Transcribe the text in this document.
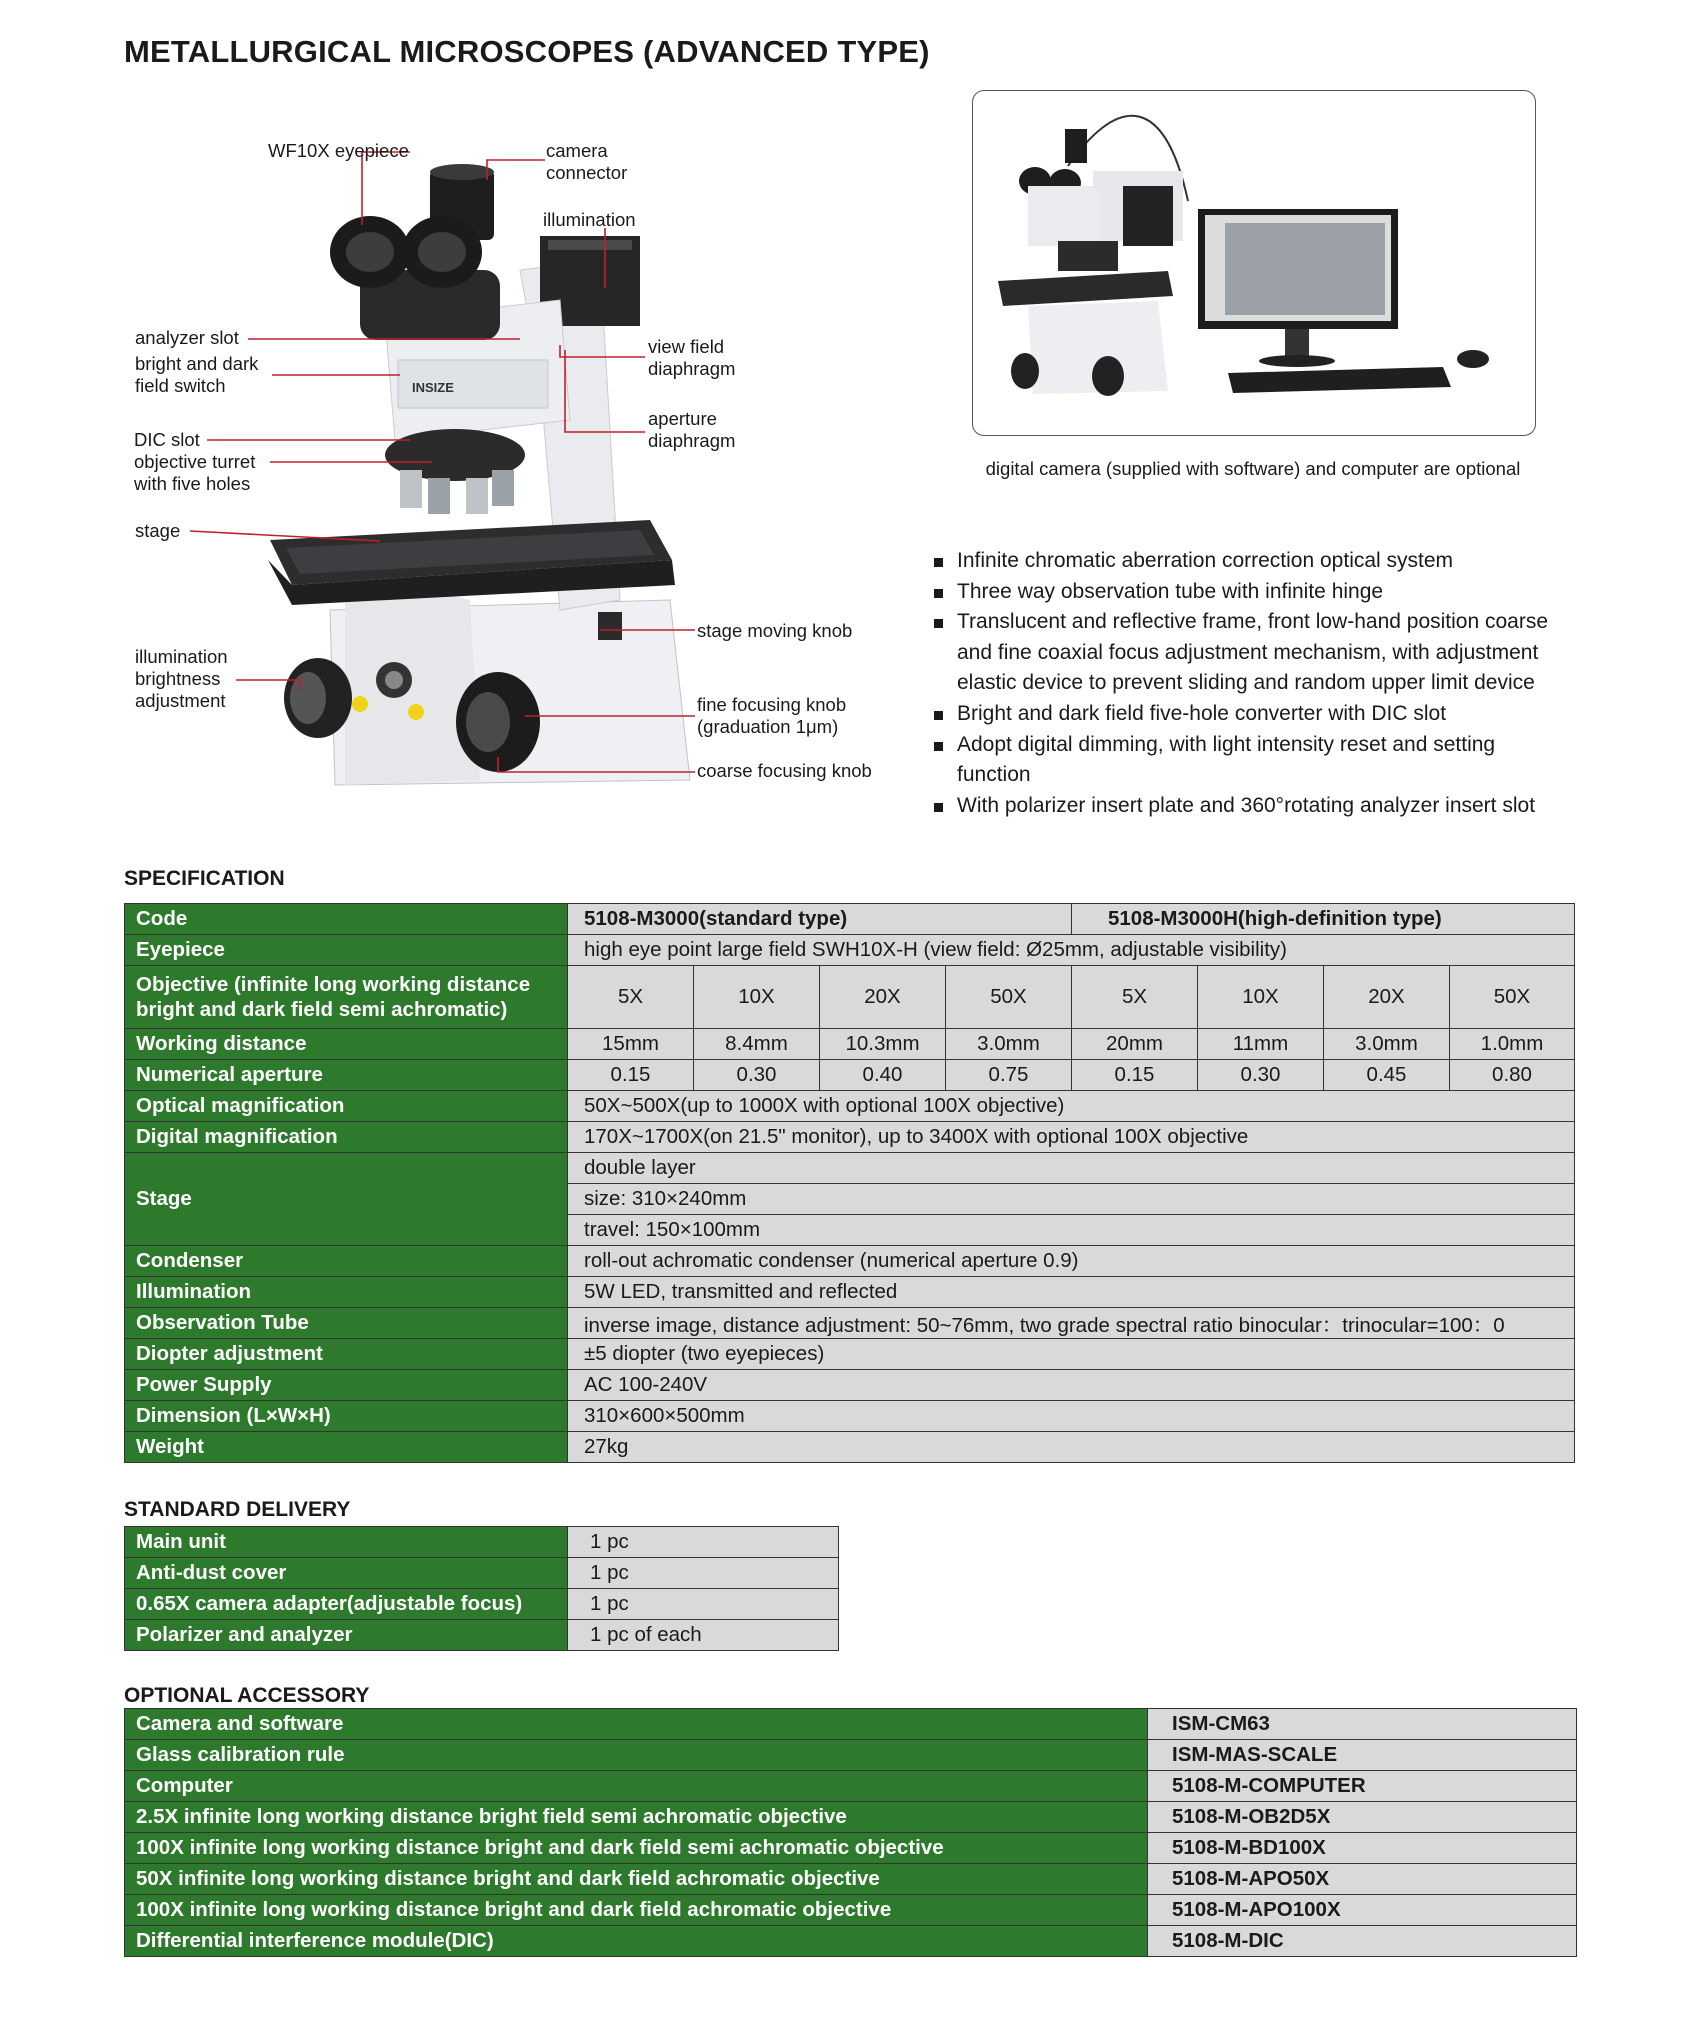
METALLURGICAL MICROSCOPES (ADVANCED TYPE)
INSIZE
WF10X eyepiece	camera
connector
illumination
analyzer slot
bright and dark
field switch
view field
diaphragm
aperture
diaphragm
DIC slot
objective turret
with five holes
stage
stage moving knob
illumination
brightness
adjustment	fine focusing knob
(graduation 1μm)
coarse focusing knob
digital camera (supplied with software) and computer are optional
Infinite chromatic aberration correction optical system
Three way observation tube with infinite hinge
Translucent and reflective frame, front low-hand position coarse and fine coaxial focus adjustment mechanism, with adjustment elastic device to prevent sliding and random upper limit device
Bright and dark field five-hole converter with DIC slot
Adopt digital dimming, with light intensity reset and setting function
With polarizer insert plate and 360°rotating analyzer insert slot
SPECIFICATION
Code	5108-M3000(standard type)				5108-M3000H(high-definition type)			
Eyepiece	high eye point large field SWH10X-H (view field: Ø25mm, adjustable visibility)							
Objective (infinite long working distance bright and dark field semi achromatic)	5X	10X	20X	50X	5X	10X	20X	50X
Working distance	15mm	8.4mm	10.3mm	3.0mm	20mm	11mm	3.0mm	1.0mm
Numerical aperture	0.15	0.30	0.40	0.75	0.15	0.30	0.45	0.80
Optical magnification	50X~500X(up to 1000X with optional 100X objective)							
Digital magnification	170X~1700X(on 21.5" monitor), up to 3400X with optional 100X objective							
Stage	double layer							
	size: 310×240mm							
	travel: 150×100mm							
Condenser	roll-out achromatic condenser (numerical aperture 0.9)							
Illumination	5W LED, transmitted and reflected							
Observation Tube	inverse image, distance adjustment: 50~76mm, two grade spectral ratio binocular：trinocular=100：0							
Diopter adjustment	±5 diopter (two eyepieces)							
Power Supply	AC 100-240V							
Dimension (L×W×H)	310×600×500mm							
Weight	27kg							
STANDARD DELIVERY
Main unit	1 pc
Anti-dust cover	1 pc
0.65X camera adapter(adjustable focus)	1 pc
Polarizer and analyzer	1 pc of each
OPTIONAL ACCESSORY
Camera and software	ISM-CM63
Glass calibration rule	ISM-MAS-SCALE
Computer	5108-M-COMPUTER
2.5X infinite long working distance bright field semi achromatic objective	5108-M-OB2D5X
100X infinite long working distance bright and dark field semi achromatic objective	5108-M-BD100X
50X infinite long working distance bright and dark field achromatic objective	5108-M-APO50X
100X infinite long working distance bright and dark field achromatic objective	5108-M-APO100X
Differential interference module(DIC)	5108-M-DIC
